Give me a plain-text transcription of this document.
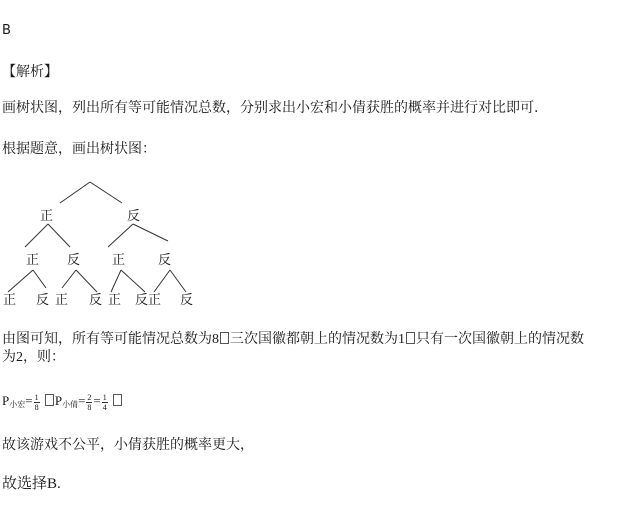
B
【解析】
画树状图，列出所有等可能情况总数，分别求出小宏和小倩获胜的概率并进行对比即可.
根据题意，画出树状图：
正	反
正 反 正	反
正 反 正 反 正 反 正 反
由图可知，所有等可能情况总数为8 三次国徽都朝上的情况数为1 只有一次国徽朝上的情况数
为2，则：
$P_{小宏}= \frac{1}{8} P_{小倩}= \frac{2}{8} = \frac{1}{4}$

故该游戏不公平，小倩获胜的概率更大，
故选择B.
